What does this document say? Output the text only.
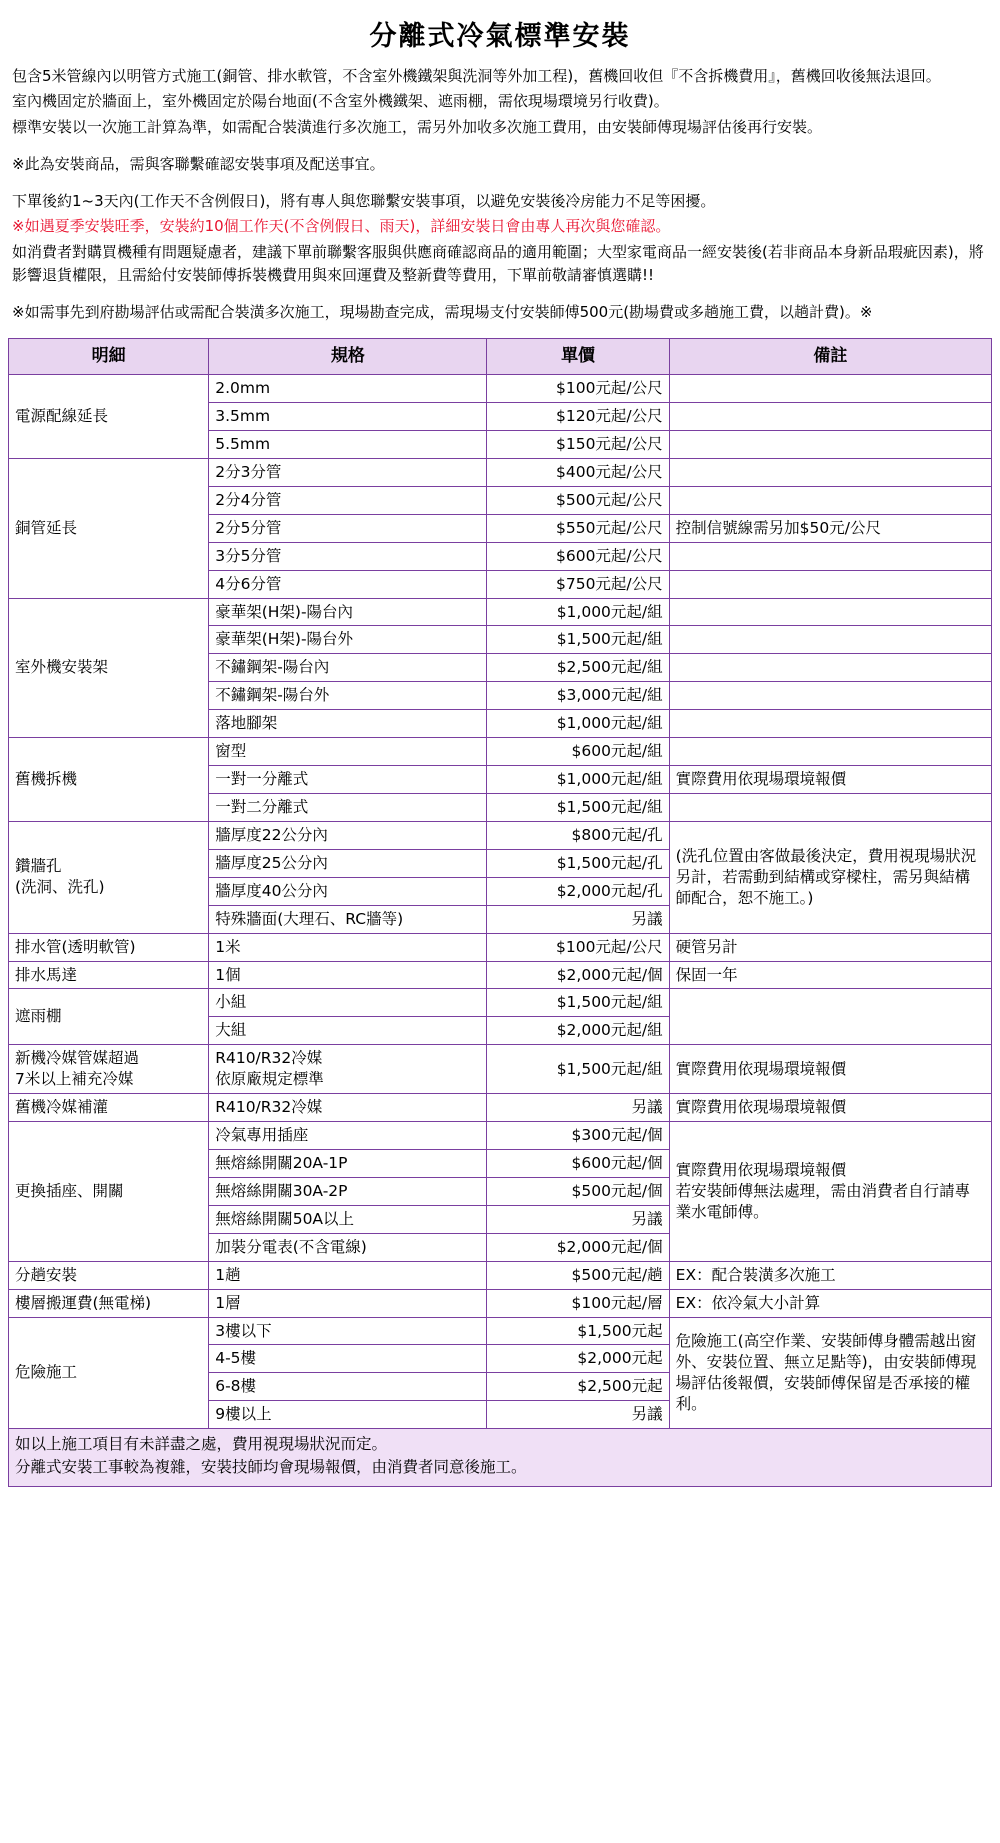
分離式冷氣標準安裝

包含5米管線內以明管方式施工(銅管、排水軟管，不含室外機鐵架與洗洞等外加工程)，舊機回收但『不含拆機費用』，舊機回收後無法退回。

室內機固定於牆面上，室外機固定於陽台地面(不含室外機鐵架、遮雨棚，需依現場環境另行收費)。

標準安裝以一次施工計算為準，如需配合裝潢進行多次施工，需另外加收多次施工費用，由安裝師傅現場評估後再行安裝。

※此為安裝商品，需與客聯繫確認安裝事項及配送事宜。

下單後約1~3天內(工作天不含例假日)，將有專人與您聯繫安裝事項，以避免安裝後冷房能力不足等困擾。

※如遇夏季安裝旺季，安裝約10個工作天(不含例假日、雨天)，詳細安裝日會由專人再次與您確認。

如消費者對購買機種有問題疑慮者，建議下單前聯繫客服與供應商確認商品的適用範圍；大型家電商品一經安裝後(若非商品本身新品瑕疵因素)，將影響退貨權限，且需給付安裝師傅拆裝機費用與來回運費及整新費等費用，下單前敬請審慎選購!!

※如需事先到府勘場評估或需配合裝潢多次施工，現場勘查完成，需現場支付安裝師傅500元(勘場費或多趟施工費，以趟計費)。※

明細	規格	單價	備註
電源配線延長	2.0mm	$100元起/公尺	
	3.5mm	$120元起/公尺	
	5.5mm	$150元起/公尺	
銅管延長	2分3分管	$400元起/公尺	
	2分4分管	$500元起/公尺	
	2分5分管	$550元起/公尺	控制信號線需另加$50元/公尺
	3分5分管	$600元起/公尺	
	4分6分管	$750元起/公尺	
室外機安裝架	豪華架(H架)-陽台內	$1,000元起/組	
	豪華架(H架)-陽台外	$1,500元起/組	
	不鏽鋼架-陽台內	$2,500元起/組	
	不鏽鋼架-陽台外	$3,000元起/組	
	落地腳架	$1,000元起/組	
舊機拆機	窗型	$600元起/組	
	一對一分離式	$1,000元起/組	實際費用依現場環境報價
	一對二分離式	$1,500元起/組	
鑽牆孔
(洗洞、洗孔)	牆厚度22公分內	$800元起/孔	(洗孔位置由客做最後決定，費用視現場狀況另計，若需動到結構或穿樑柱，需另與結構師配合，恕不施工。)
	牆厚度25公分內	$1,500元起/孔	
	牆厚度40公分內	$2,000元起/孔	
	特殊牆面(大理石、RC牆等)	另議	
排水管(透明軟管)	1米	$100元起/公尺	硬管另計
排水馬達	1個	$2,000元起/個	保固一年
遮雨棚	小組	$1,500元起/組	
	大組	$2,000元起/組	
新機冷媒管媒超過
7米以上補充冷媒	R410/R32冷媒
依原廠規定標準	$1,500元起/組	實際費用依現場環境報價
舊機冷媒補灌	R410/R32冷媒	另議	實際費用依現場環境報價
更換插座、開關	冷氣專用插座	$300元起/個	實際費用依現場環境報價
若安裝師傅無法處理，需由消費者自行請專業水電師傅。
	無熔絲開關20A-1P	$600元起/個	
	無熔絲開關30A-2P	$500元起/個	
	無熔絲開關50A以上	另議	
	加裝分電表(不含電線)	$2,000元起/個	
分趟安裝	1趟	$500元起/趟	EX：配合裝潢多次施工
樓層搬運費(無電梯)	1層	$100元起/層	EX：依冷氣大小計算
危險施工	3樓以下	$1,500元起	危險施工(高空作業、安裝師傅身體需越出窗外、安裝位置、無立足點等)，由安裝師傅現場評估後報價，安裝師傅保留是否承接的權利。
	4-5樓	$2,000元起	
	6-8樓	$2,500元起	
	9樓以上	另議	

如以上施工項目有未詳盡之處，費用視現場狀況而定。

分離式安裝工事較為複雜，安裝技師均會現場報價，由消費者同意後施工。
